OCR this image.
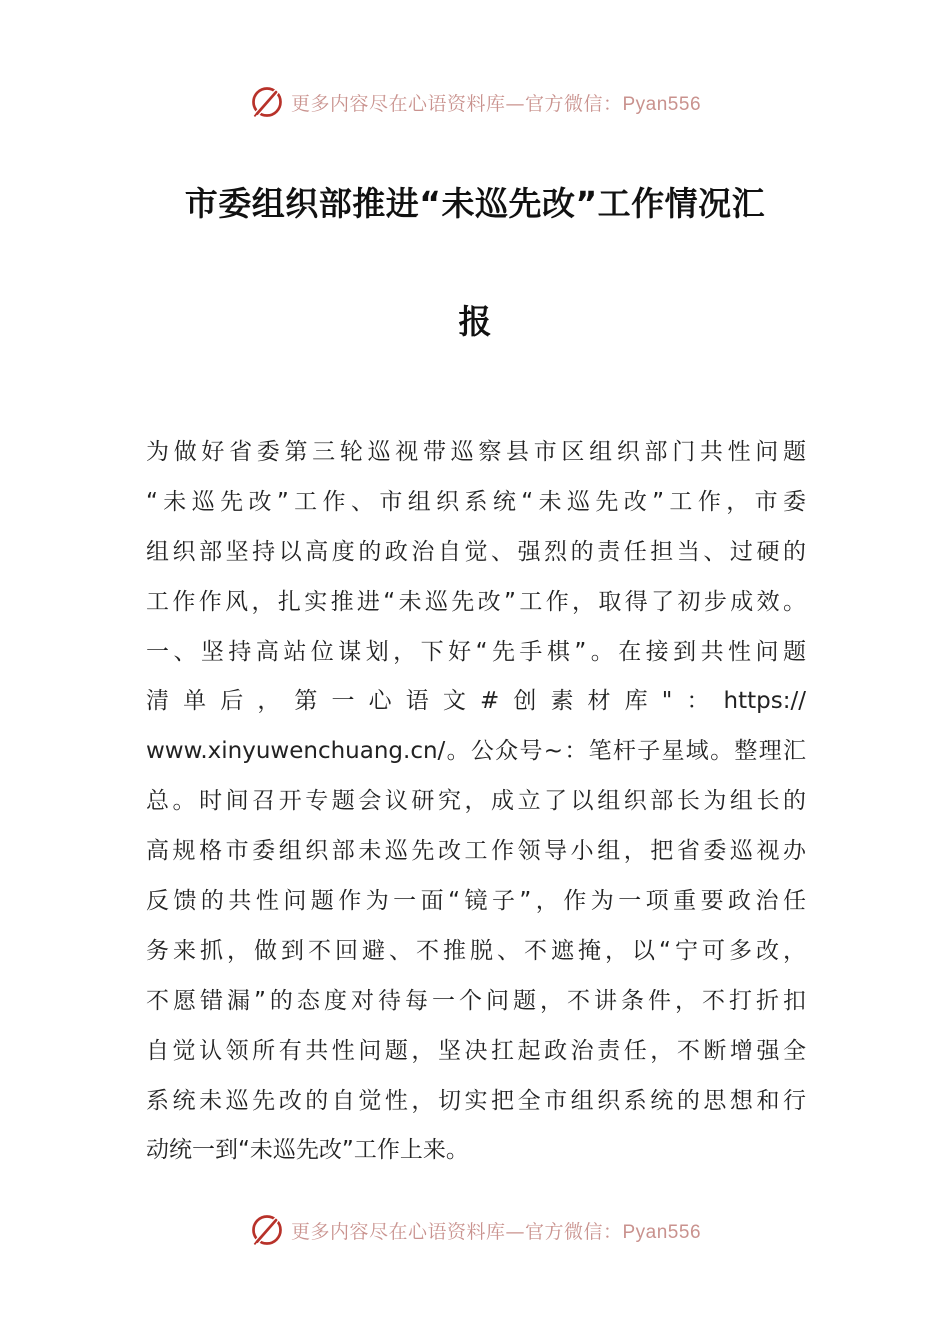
更多内容尽在心语资料库—官方微信：Pyan556
市委组织部推进“未巡先改”工作情况汇
报
为做好省委第三轮巡视带巡察县市区组织部门共性问题
“未巡先改”工作、市组织系统“未巡先改”工作，市委
组织部坚持以高度的政治自觉、强烈的责任担当、过硬的
工作作风，扎实推进“未巡先改”工作，取得了初步成效。
一、坚持高站位谋划，下好“先手棋”。在接到共性问题
清单后，第一心语文#创素材库"：https://
www.xinyuwenchuang.cn/。公众号~：笔杆子星域。整理汇
总。时间召开专题会议研究，成立了以组织部长为组长的
高规格市委组织部未巡先改工作领导小组，把省委巡视办
反馈的共性问题作为一面“镜子”，作为一项重要政治任
务来抓，做到不回避、不推脱、不遮掩，以“宁可多改，
不愿错漏”的态度对待每一个问题，不讲条件，不打折扣
自觉认领所有共性问题，坚决扛起政治责任，不断增强全
系统未巡先改的自觉性，切实把全市组织系统的思想和行
动统一到“未巡先改”工作上来。
更多内容尽在心语资料库—官方微信：Pyan556
